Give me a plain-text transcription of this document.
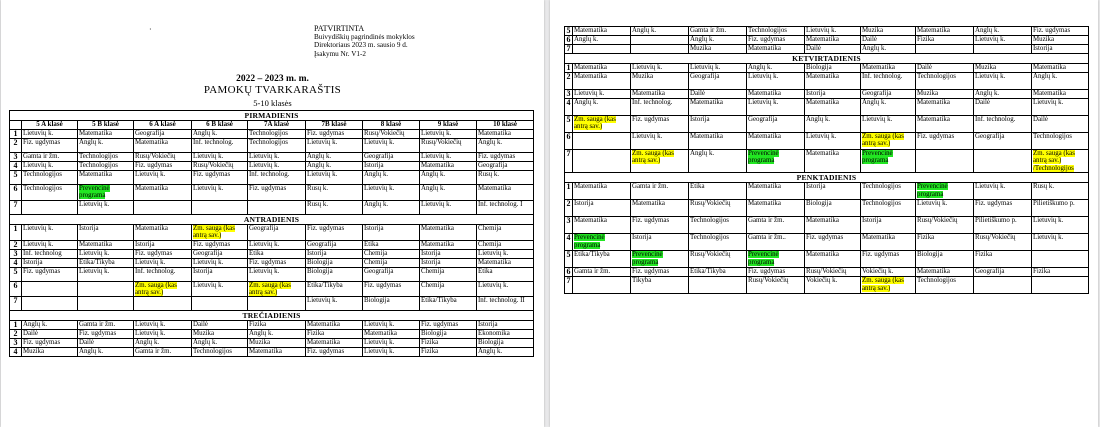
·	PATVIRTINTA
Buivydiškių pagrindinės mokyklos
Direktoriaus 2023 m. sausio 9 d.
Įsakymu Nr. V1-2
2022 – 2023 m. m.
PAMOKŲ TVARKARAŠTIS
5-10 klasės
PIRMADIENIS									
	5 A klasė	5 B klasė	6 A klasė	6 B klasė	7A klasė	7B klasė	8 klasė	9 klasė	10 klasė
1	Lietuvių k.	Matematika	Geografija	Anglų k.	Technologijos	Fiz. ugdymas	Rusų/Vokiečių	Lietuvių k.	Matematika
2	Fiz. ugdymas	Anglų k.	Matematika	Inf. technolog.	Technologijos	Lietuvių k.	Lietuvių k.	Rusų/Vokiečių	Anglų k.
3	Gamta ir žm.	Technologijos	Rusų/Vokiečių	Lietuvių k.	Lietuvių k.	Anglų k.	Geografija	Lietuvių k.	Fiz. ugdymas
4	Lietuvių k.	Technologijos	Fiz. ugdymas	Rusų/Vokiečių	Lietuvių k.	Anglų k.	Istorija	Matematika	Geografija
5	Technologijos	Matematika	Lietuvių k.	Fiz. ugdymas	Inf. technolog.	Lietuvių k.	Anglų k.	Anglų k.	Rusų k.
6	Technologijos	Prevencinė programa	Matematika	Lietuvių k.	Fiz. ugdymas	Rusų k.	Lietuvių k.	Anglų k.	Matematika
7		Lietuvių k.				Rusų k.	Anglų k.	Lietuvių k.	Inf. technolog. I
ANTRADIENIS									
1	Lietuvių k.	Istorija	Matematika	Žm. sauga (kas antrą sav.)	Geografija	Fiz. ugdymas	Istorija	Matematika	Chemija
2	Lietuvių k.	Matematika	Istorija	Fiz. ugdymas	Lietuvių k.	Geografija	Etika	Matematika	Chemija
3	Inf. technolog	Lietuvių k.	Fiz. ugdymas	Geografija	Etika	Istorija	Chemija	Istorija	Lietuvių k.
4	Istorija	Etika/Tikyba	Lietuvių k.	Lietuvių k.	Fiz. ugdymas	Biologija	Chemija	Istorija	Matematika
5	Fiz. ugdymas	Lietuvių k.	Inf. technolog.	Istorija	Lietuvių k.	Biologija	Geografija	Chemija	Etika
6			Žm. sauga (kas antrą sav.)	Lietuvių k.	Žm. sauga (kas antrą sav.)	Etika/Tikyba	Fiz. ugdymas	Chemija	Lietuvių k.
7						Lietuvių k.	Biologija	Etika/Tikyba	Inf. technolog. II
TREČIADIENIS									
1	Anglų k.	Gamta ir žm.	Lietuvių k.	Dailė	Fizika	Matematika	Lietuvių k.	Fiz. ugdymas	Istorija
2	Dailė	Fiz. ugdymas	Lietuvių k.	Muzika	Anglų k.	Fizika	Matematika	Biologija	Ekonomika
3	Fiz. ugdymas	Dailė	Anglų k.	Anglų k.	Muzika	Matematika	Lietuvių k.	Fizika	Biologija
4	Muzika	Anglų k.	Gamta ir žm.	Technologijos	Matematika	Fiz. ugdymas	Lietuvių k.	Fizika	Anglų k.
5	Matematika	Anglų k.	Gamta ir žm.	Technologijos	Lietuvių k.	Muzika	Matematika	Anglų k.	Fiz. ugdymas
6	Anglų k.		Anglų k.	Fiz. ugdymas	Matematika	Dailė	Fizika	Lietuvių k.	Muzika
7			Muzika	Matematika	Dailė	Anglų k.			Istorija
KETVIRTADIENIS									
1	Matematika	Lietuvių k.	Lietuvių k.	Anglų k.	Biologija	Matematika	Dailė	Muzika	Matematika
2	Matematika	Muzika	Geografija	Lietuvių k.	Matematika	Inf. technolog.	Technologijos	Lietuvių k.	Anglų k.
3	Lietuvių k.	Matematika	Dailė	Matematika	Istorija	Geografija	Muzika	Anglų k.	Matematika
4	Anglų k.	Inf. technolog.	Matematika	Lietuvių k.	Matematika	Anglų k.	Matematika	Dailė	Lietuvių k.
5	Žm. sauga (kas antrą sav.)	Fiz. ugdymas	Istorija	Geografija	Anglų k.	Lietuvių k.	Matematika	Inf. technolog.	Dailė
6		Lietuvių k.	Matematika	Matematika	Lietuvių k.	Žm. sauga (kas antrą sav.)	Fiz. ugdymas	Geografija	Technologijos
7		Žm. sauga (kas antrą sav.)	Anglų k.	Prevencinė programa	Matematika	Prevencinė programa			Žm. sauga (kas antrą sav.) /Technologijos
PENKTADIENIS									
1	Matematika	Gamta ir žm.	Etika	Matematika	Istorija	Technologijos	Prevencinė programa	Lietuvių k.	Rusų k.
2	Istorija	Matematika	Rusų/Vokiečių	Matematika	Biologija	Technologijos	Lietuvių k.	Fiz. ugdymas	Pilietiškumo p.
3	Matematika	Fiz. ugdymas	Technologijos	Gamta ir žm.	Matematika	Istorija	Rusų/Vokiečių	Pilietiškumo p.	Lietuvių k.
4	Prevencinė programa	Istorija	Technologijos	Gamta ir žm..	Fiz. ugdymas	Matematika	Fizika	Rusų/Vokiečių	Lietuvių k.
5	Etika/Tikyba	Prevencinė programa	Rusų/Vokiečių	Prevencinė programa	Matematika	Fiz. ugdymas	Biologija	Fizika	
6	Gamta ir žm.	Fiz. ugdymas	Etika/Tikyba	Fiz. ugdymas	Rusų/Vokiečių	Vokiečių k.	Matematika	Geografija	Fizika
7		Tikyba		Rusų/Vokiečių	Vokiečių k.	Žm. sauga (kas antrą sav.)	Technologijos		
